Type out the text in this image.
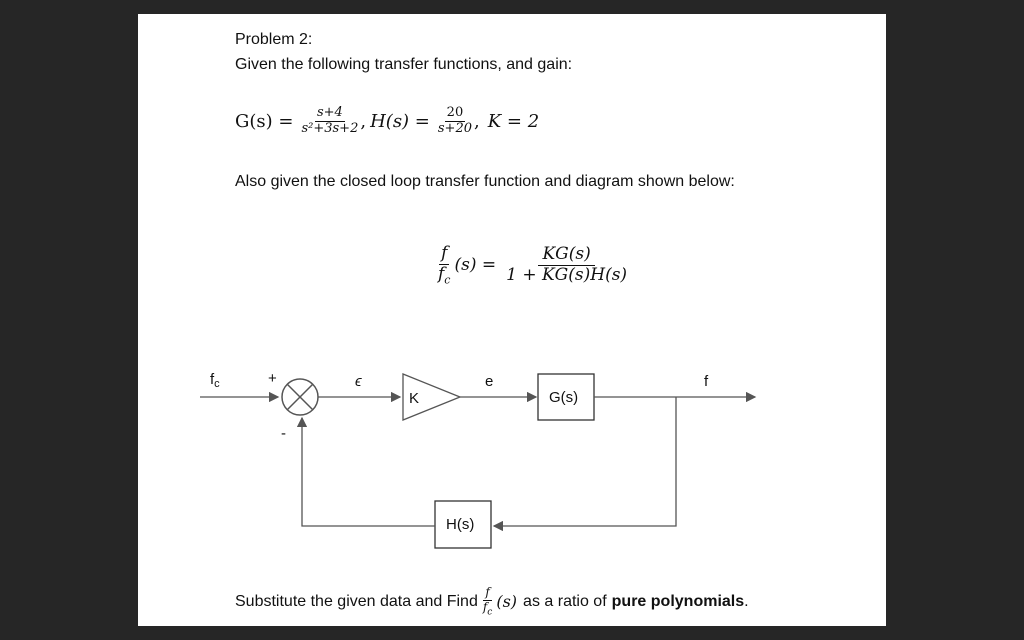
Problem 2:
Given the following transfer functions, and gain:
$G(s) = \frac{s+4}{\text{s²+3s+2}}$ , $H(s) = \frac{20}{s+20}$ , K = 2
Also given the closed loop transfer function and diagram shown below:
$\frac{f}{f_c} (s) = \frac{KG(s)}{1 + KG(s)H(s)}$
$f_c$	+
-
ϵ	e	f
K	G(s)
H(s)
Substitute the given data and Find $\frac{f}{f_c} (s)$ as a ratio of pure polynomials .
